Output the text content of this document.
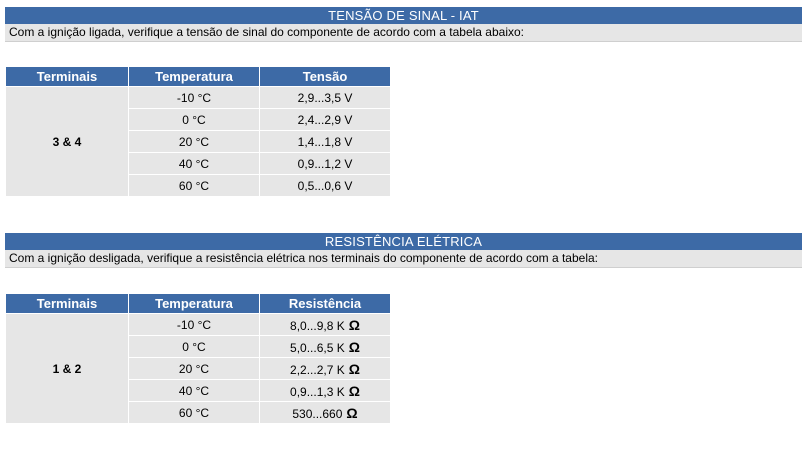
TENSÃO DE SINAL - IAT
Com a ignição ligada, verifique a tensão de sinal do componente de acordo com a tabela abaixo:
Terminais	Temperatura	Tensão
3 & 4	-10 °C	2,9...3,5 V
	0 °C	2,4...2,9 V
	20 °C	1,4...1,8 V
	40 °C	0,9...1,2 V
	60 °C	0,5...0,6 V
RESISTÊNCIA ELÉTRICA
Com a ignição desligada, verifique a resistência elétrica nos terminais do componente de acordo com a tabela:
Terminais	Temperatura	Resistência
1 & 2	-10 °C	8,0...9,8 K Ω
	0 °C	5,0...6,5 K Ω
	20 °C	2,2...2,7 K Ω
	40 °C	0,9...1,3 K Ω
	60 °C	530...660 Ω
